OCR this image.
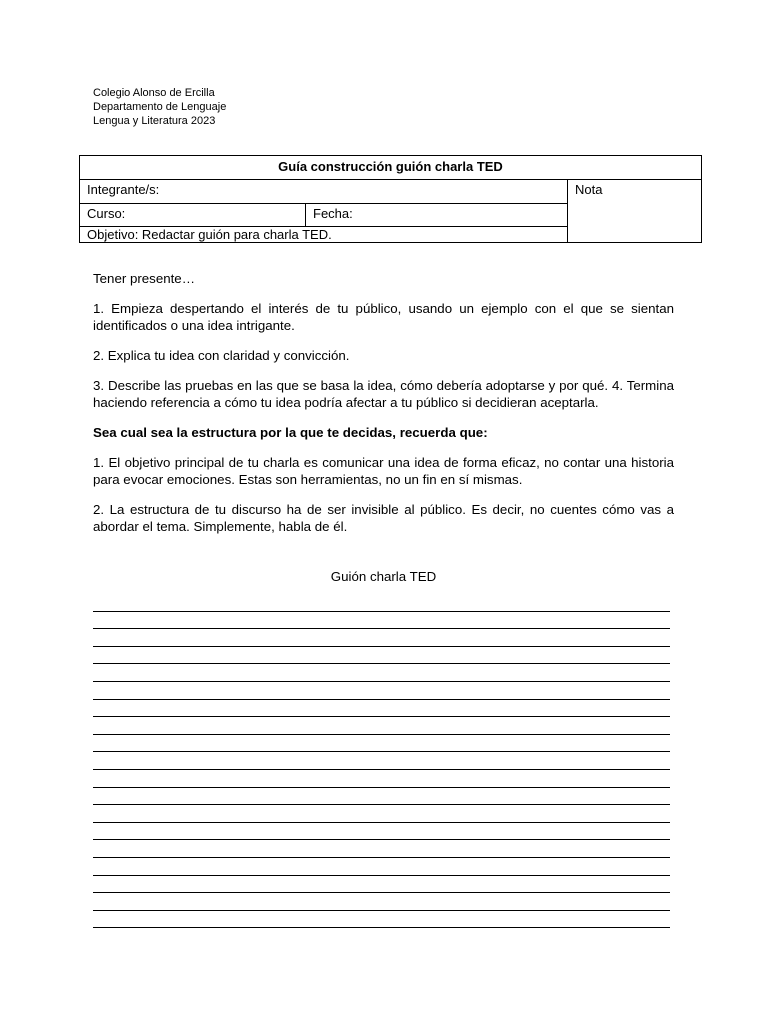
Colegio Alonso de Ercilla
Departamento de Lenguaje
Lengua y Literatura 2023
Guía construcción guión charla TED		
Integrante/s:		Nota
Curso:	Fecha:	
Objetivo: Redactar guión para charla TED.		

Tener presente…

1. Empieza despertando el interés de tu público, usando un ejemplo con el que se sientan identificados o una idea intrigante.

2. Explica tu idea con claridad y convicción.

3. Describe las pruebas en las que se basa la idea, cómo debería adoptarse y por qué. 4. Termina haciendo referencia a cómo tu idea podría afectar a tu público si decidieran aceptarla.

Sea cual sea la estructura por la que te decidas, recuerda que:

1. El objetivo principal de tu charla es comunicar una idea de forma eficaz, no contar una historia para evocar emociones. Estas son herramientas, no un fin en sí mismas.

2. La estructura de tu discurso ha de ser invisible al público. Es decir, no cuentes cómo vas a abordar el tema. Simplemente, habla de él.

Guión charla TED
